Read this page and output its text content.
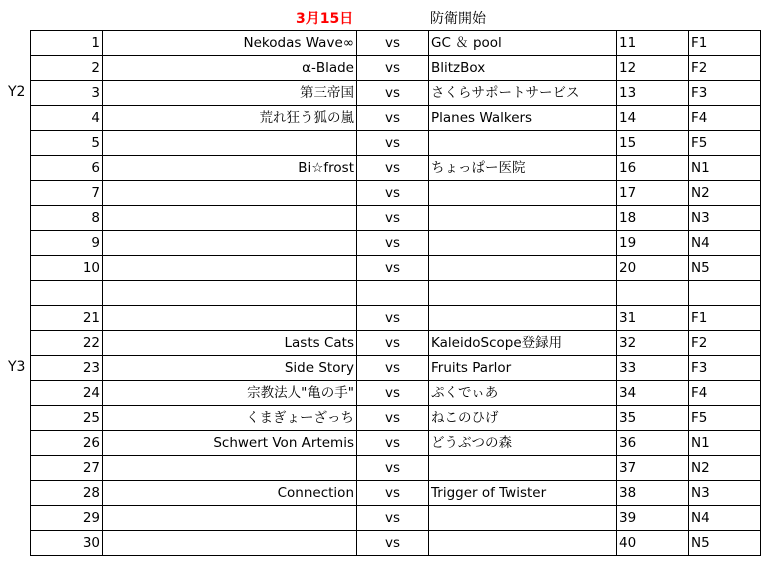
3月15日	防衛開始
Y2
Y3
1	Nekodas Wave∞	vs	GC ＆ pool	11	F1
2	α-Blade	vs	BlitzBox	12	F2
3	第三帝国	vs	さくらサポートサービス	13	F3
4	荒れ狂う狐の嵐	vs	Planes Walkers	14	F4
5		vs		15	F5
6	Bi☆frost	vs	ちょっぱー医院	16	N1
7		vs		17	N2
8		vs		18	N3
9		vs		19	N4
10		vs		20	N5

21		vs		31	F1
22	Lasts Cats	vs	KaleidoScope登録用	32	F2
23	Side Story	vs	Fruits Parlor	33	F3
24	宗教法人"亀の手"	vs	ぷくでぃあ	34	F4
25	くまぎょーざっち	vs	ねこのひげ	35	F5
26	Schwert Von Artemis	vs	どうぶつの森	36	N1
27		vs		37	N2
28	Connection	vs	Trigger of Twister	38	N3
29		vs		39	N4
30		vs		40	N5
